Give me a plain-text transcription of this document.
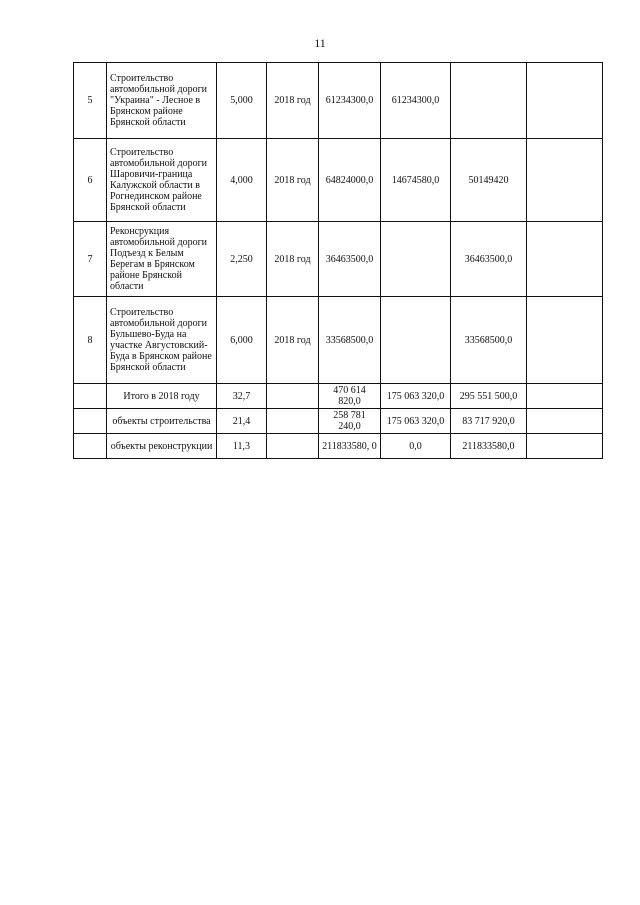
11
5	Строительство автомобильной дороги "Украина" - Лесное в Брянском районе Брянской области	5,000	2018 год	61234300,0	61234300,0		
6	Строительство автомобильной дороги Шаровичи-граница Калужской области в Рогнединском районе Брянской области	4,000	2018 год	64824000,0	14674580,0	50149420	
7	Реконсрукция автомобильной дороги Подъезд к Белым Берегам в Брянском районе Брянской области	2,250	2018 год	36463500,0		36463500,0	
8	Строительство автомобильной дороги Бульшево-Буда на участке Августовский-Буда в Брянском районе Брянской области	6,000	2018 год	33568500,0		33568500,0	
	Итого в 2018 году	32,7		470 614 820,0	175 063 320,0	295 551 500,0	
	объекты строительства	21,4		258 781 240,0	175 063 320,0	83 717 920,0	
	объекты реконструкции	11,3		211833580, 0	0,0	211833580,0	
